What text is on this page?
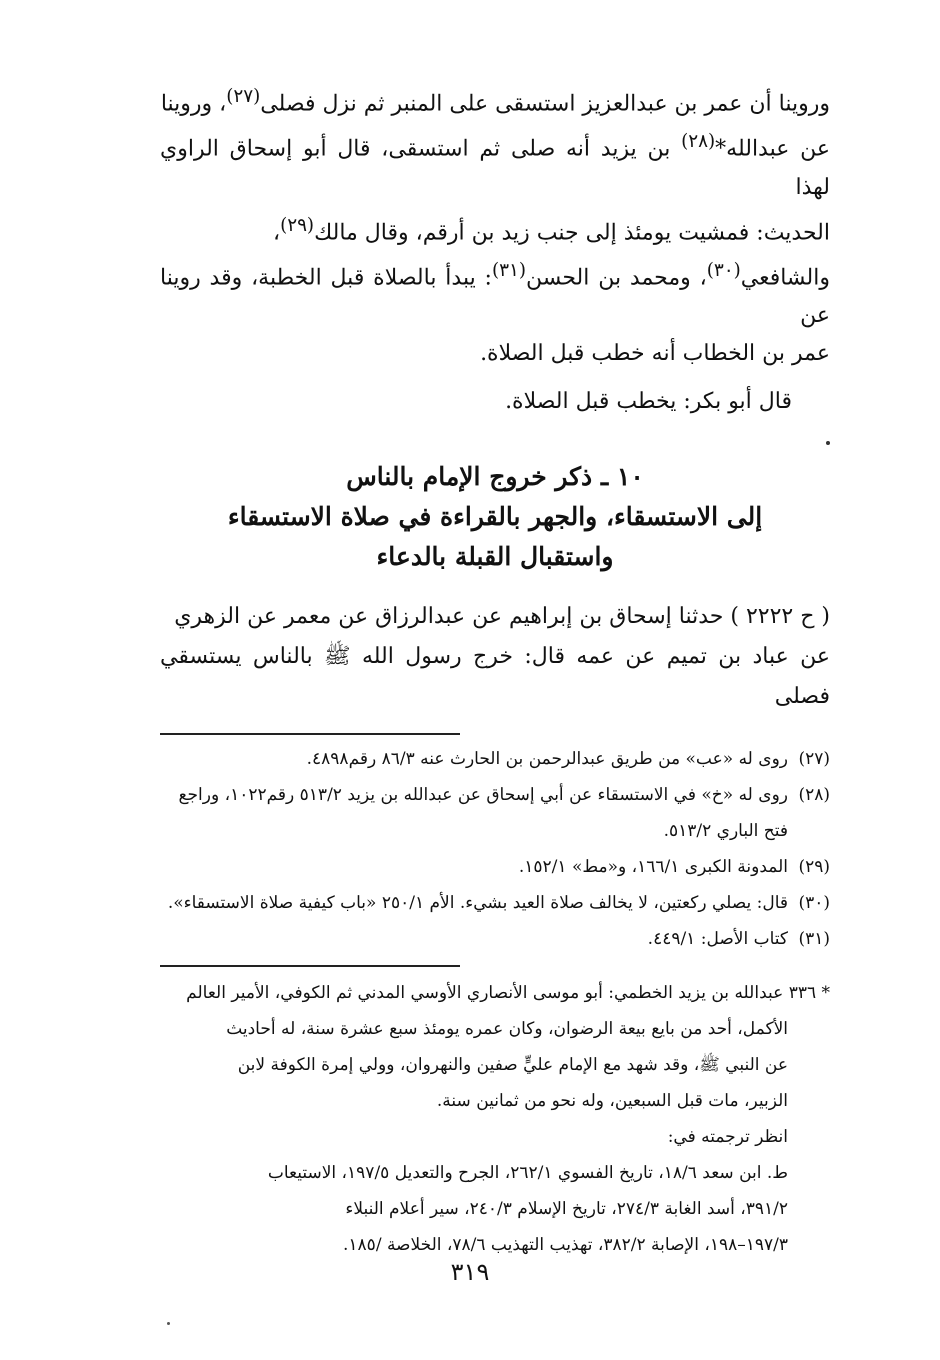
وروينا أن عمر بن عبدالعزيز استسقى على المنبر ثم نزل فصلى$^{(٢٧)}$، وروينا

عن عبدالله*$^{(٢٨)}$ بن يزيد أنه صلى ثم استسقى، قال أبو إسحاق الراوي لهذا

الحديث: فمشيت يومئذ إلى جنب زيد بن أرقم، وقال مالك$^{(٢٩)}$،

والشافعي$^{(٣٠)}$، ومحمد بن الحسن$^{(٣١)}$: يبدأ بالصلاة قبل الخطبة، وقد روينا عن

عمر بن الخطاب أنه خطب قبل الصلاة.

قال أبو بكر: يخطب قبل الصلاة.

١٠ ـ ذكر خروج الإمام بالناس
إلى الاستسقاء، والجهر بالقراءة في صلاة الاستسقاء
واستقبال القبلة بالدعاء
( ح ٢٢٢٢ ) حدثنا إسحاق بن إبراهيم عن عبدالرزاق عن معمر عن الزهري
عن عباد بن تميم عن عمه قال: خرج رسول الله ﷺ بالناس يستسقي فصلى
(٢٧)
روى له «عب» من طريق عبدالرحمن بن الحارث عنه ٨٦/٣ رقم٤٨٩٨.
(٢٨)
روى له «خ» في الاستسقاء عن أبي إسحاق عن عبدالله بن يزيد ٥١٣/٢ رقم١٠٢٢، وراجع فتح الباري ٥١٣/٢.
(٢٩)
المدونة الكبرى ١٦٦/١، و«مط» ١٥٢/١.
(٣٠)
قال: يصلي ركعتين، لا يخالف صلاة العيد بشيء. الأم ٢٥٠/١ «باب كيفية صلاة الاستسقاء».
(٣١)
كتاب الأصل: ٤٤٩/١.
* ٣٣٦ عبدالله بن يزيد الخطمي: أبو موسى الأنصاري الأوسي المدني ثم الكوفي، الأمير العالم
الأكمل، أحد من بايع بيعة الرضوان، وكان عمره يومئذ سبع عشرة سنة، له أحاديث
عن النبي ﷺ، وقد شهد مع الإمام عليٍّ صفين والنهروان، وولي إمرة الكوفة لابن
الزبير، مات قبل السبعين، وله نحو من ثمانين سنة.
انظر ترجمته في:
ط. ابن سعد ١٨/٦، تاريخ الفسوي ٢٦٢/١، الجرح والتعديل ١٩٧/٥، الاستيعاب
٣٩١/٢، أسد الغابة ٢٧٤/٣، تاريخ الإسلام ٢٤٠/٣، سير أعلام النبلاء
١٩٧/٣–١٩٨، الإصابة ٣٨٢/٢، تهذيب التهذيب ٧٨/٦، الخلاصة /١٨٥.
٣١٩
